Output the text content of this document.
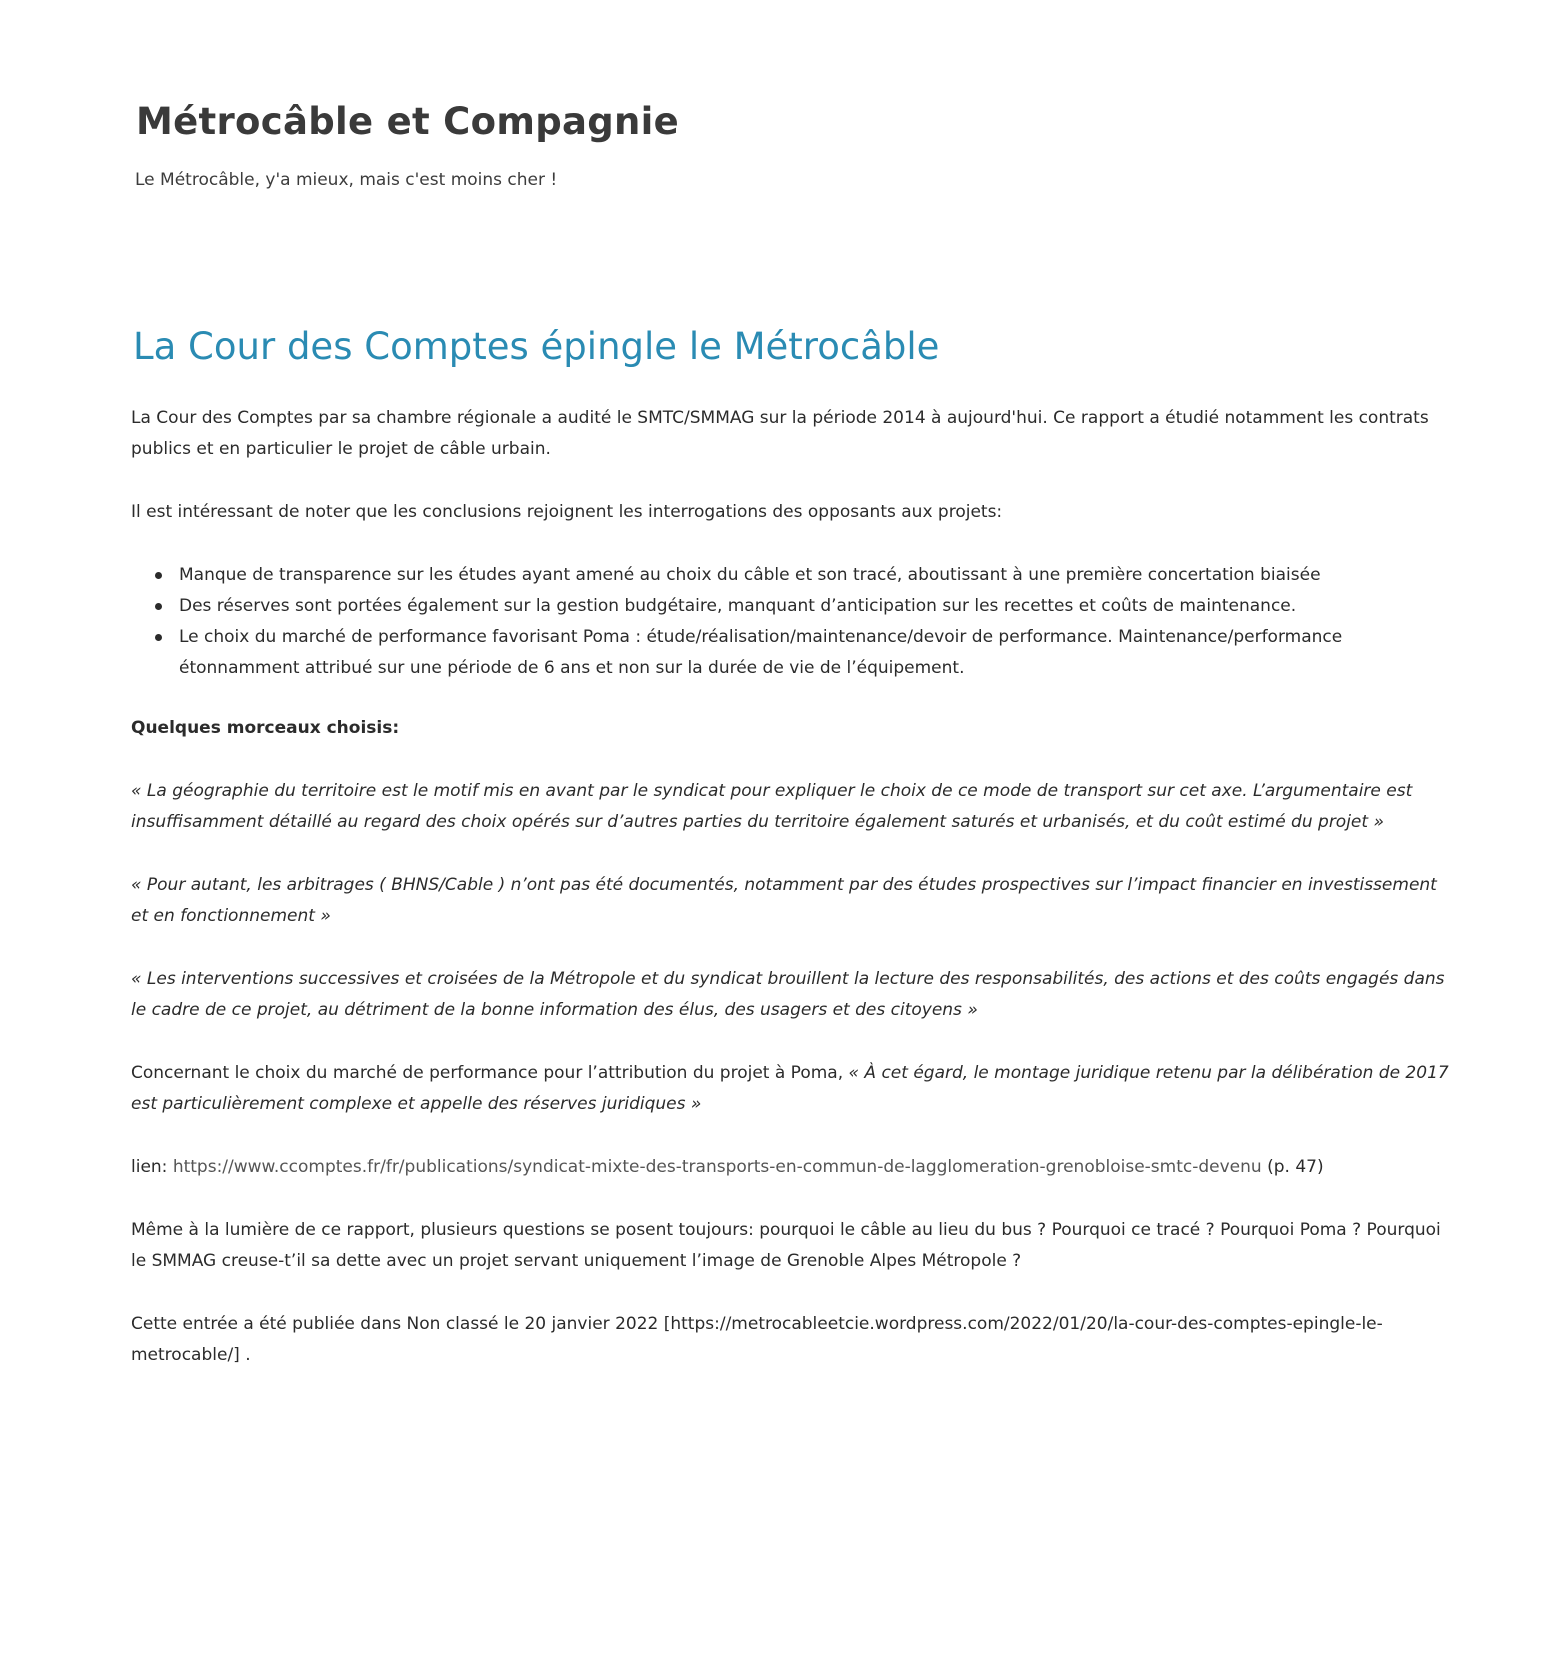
Métrocâble et Compagnie

Le Métrocâble, y'a mieux, mais c'est moins cher !

La Cour des Comptes épingle le Métrocâble

La Cour des Comptes par sa chambre régionale a audité le SMTC/SMMAG sur la période 2014 à aujourd'hui. Ce rapport a étudié notamment les contrats publics et en particulier le projet de câble urbain.

Il est intéressant de noter que les conclusions rejoignent les interrogations des opposants aux projets:

Manque de transparence sur les études ayant amené au choix du câble et son tracé, aboutissant à une première concertation biaisée
Des réserves sont portées également sur la gestion budgétaire, manquant d’anticipation sur les recettes et coûts de maintenance.
Le choix du marché de performance favorisant Poma : étude/réalisation/maintenance/devoir de performance. Maintenance/performance étonnamment attribué sur une période de 6 ans et non sur la durée de vie de l’équipement.

Quelques morceaux choisis:

« La géographie du territoire est le motif mis en avant par le syndicat pour expliquer le choix de ce mode de transport sur cet axe. L’argumentaire est insuffisamment détaillé au regard des choix opérés sur d’autres parties du territoire également saturés et urbanisés, et du coût estimé du projet »

« Pour autant, les arbitrages ( BHNS/Cable ) n’ont pas été documentés, notamment par des études prospectives sur l’impact financier en investissement et en fonctionnement »

« Les interventions successives et croisées de la Métropole et du syndicat brouillent la lecture des responsabilités, des actions et des coûts engagés dans le cadre de ce projet, au détriment de la bonne information des élus, des usagers et des citoyens »

Concernant le choix du marché de performance pour l’attribution du projet à Poma, « À cet égard, le montage juridique retenu par la délibération de 2017 est particulièrement complexe et appelle des réserves juridiques »

lien: https://www.ccomptes.fr/fr/publications/syndicat-mixte-des-transports-en-commun-de-lagglomeration-grenobloise-smtc-devenu (p. 47)

Même à la lumière de ce rapport, plusieurs questions se posent toujours: pourquoi le câble au lieu du bus ? Pourquoi ce tracé ? Pourquoi Poma ? Pourquoi le SMMAG creuse-t’il sa dette avec un projet servant uniquement l’image de Grenoble Alpes Métropole ?

Cette entrée a été publiée dans Non classé le 20 janvier 2022 [https://metrocableetcie.wordpress.com/2022/01/20/la-cour-des-comptes-epingle-le-metrocable/] .
